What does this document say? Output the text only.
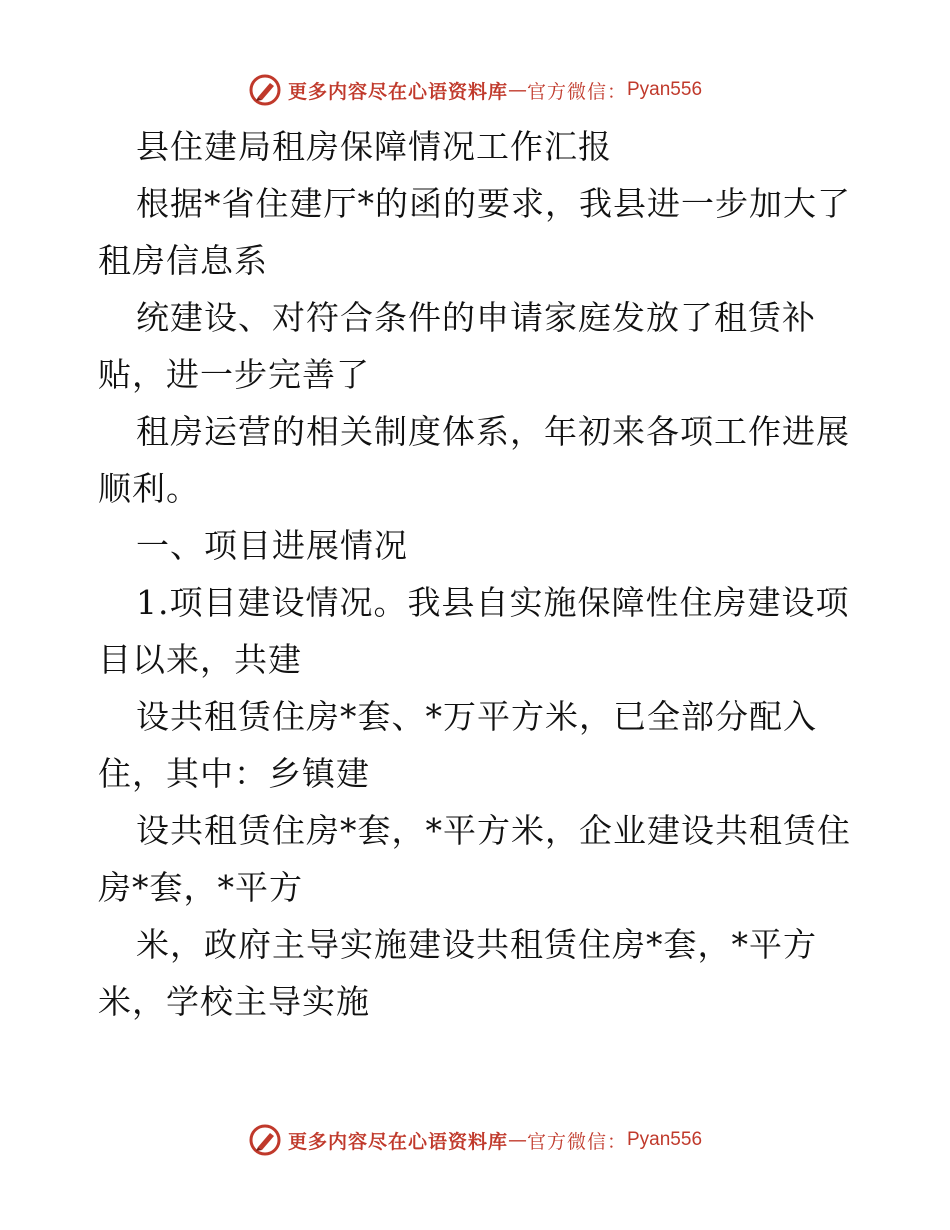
更多内容尽在心语资料库 — 官方微信： Pyan556
县住建局租房保障情况工作汇报
根据*省住建厅*的函的要求，我县进一步加大了
租房信息系
统建设、对符合条件的申请家庭发放了租赁补
贴，进一步完善了
租房运营的相关制度体系，年初来各项工作进展
顺利。
一、项目进展情况
1.项目建设情况。我县自实施保障性住房建设项
目以来，共建
设共租赁住房*套、*万平方米，已全部分配入
住，其中：乡镇建
设共租赁住房*套，*平方米，企业建设共租赁住
房*套，*平方
米，政府主导实施建设共租赁住房*套，*平方
米，学校主导实施
更多内容尽在心语资料库 — 官方微信： Pyan556
